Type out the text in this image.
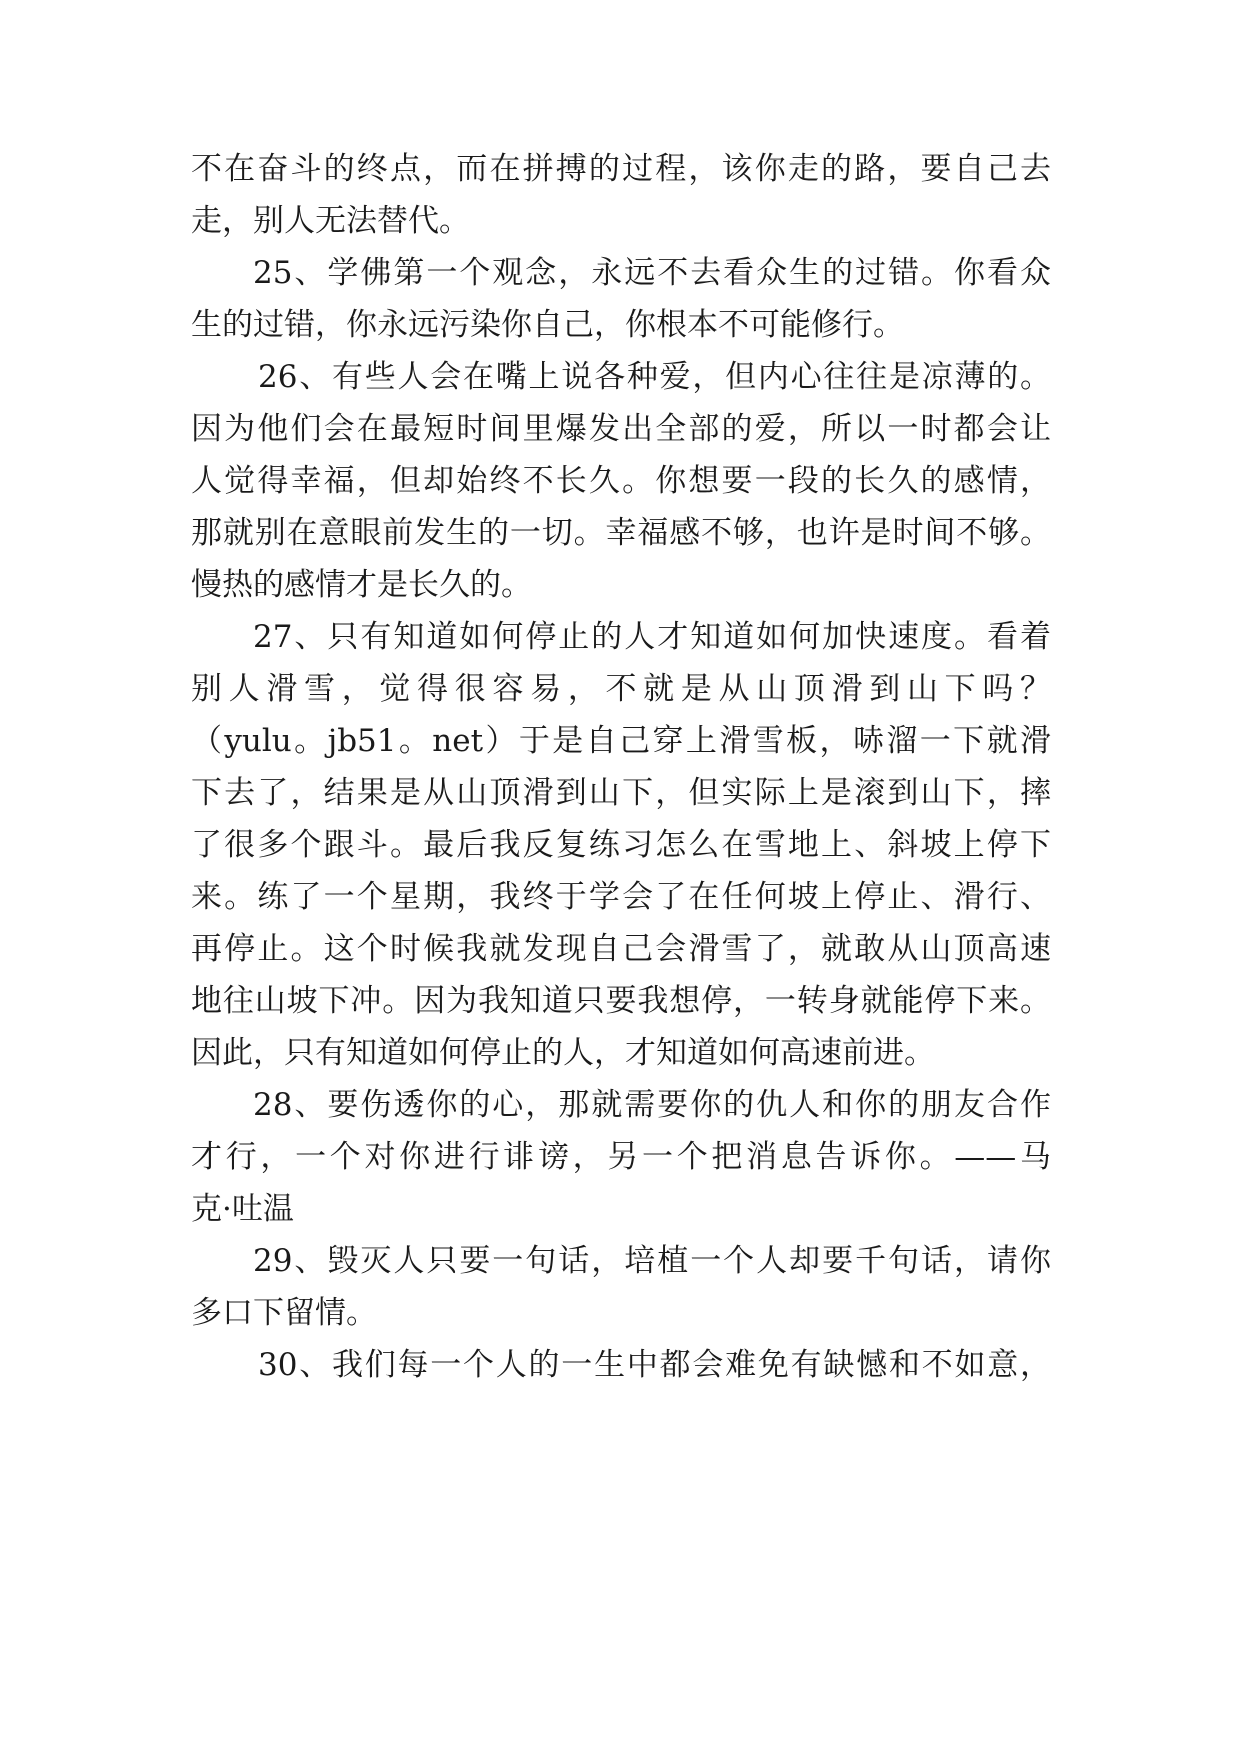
不在奋斗的终点，而在拼搏的过程，该你走的路，要自己去
走，别人无法替代。
25、学佛第一个观念，永远不去看众生的过错。你看众
生的过错，你永远污染你自己，你根本不可能修行。
26、有些人会在嘴上说各种爱，但内心往往是凉薄的。
因为他们会在最短时间里爆发出全部的爱，所以一时都会让
人觉得幸福，但却始终不长久。你想要一段的长久的感情，
那就别在意眼前发生的一切。幸福感不够，也许是时间不够。
慢热的感情才是长久的。
27、只有知道如何停止的人才知道如何加快速度。看着
别人滑雪，觉得很容易，不就是从山顶滑到山下吗？
（yulu。jb51。net）于是自己穿上滑雪板，哧溜一下就滑
下去了，结果是从山顶滑到山下，但实际上是滚到山下，摔
了很多个跟斗。最后我反复练习怎么在雪地上、斜坡上停下
来。练了一个星期，我终于学会了在任何坡上停止、滑行、
再停止。这个时候我就发现自己会滑雪了，就敢从山顶高速
地往山坡下冲。因为我知道只要我想停，一转身就能停下来。
因此，只有知道如何停止的人，才知道如何高速前进。
28、要伤透你的心，那就需要你的仇人和你的朋友合作
才行，一个对你进行诽谤，另一个把消息告诉你。——马
克·吐温
29、毁灭人只要一句话，培植一个人却要千句话，请你
多口下留情。
30、我们每一个人的一生中都会难免有缺憾和不如意，
